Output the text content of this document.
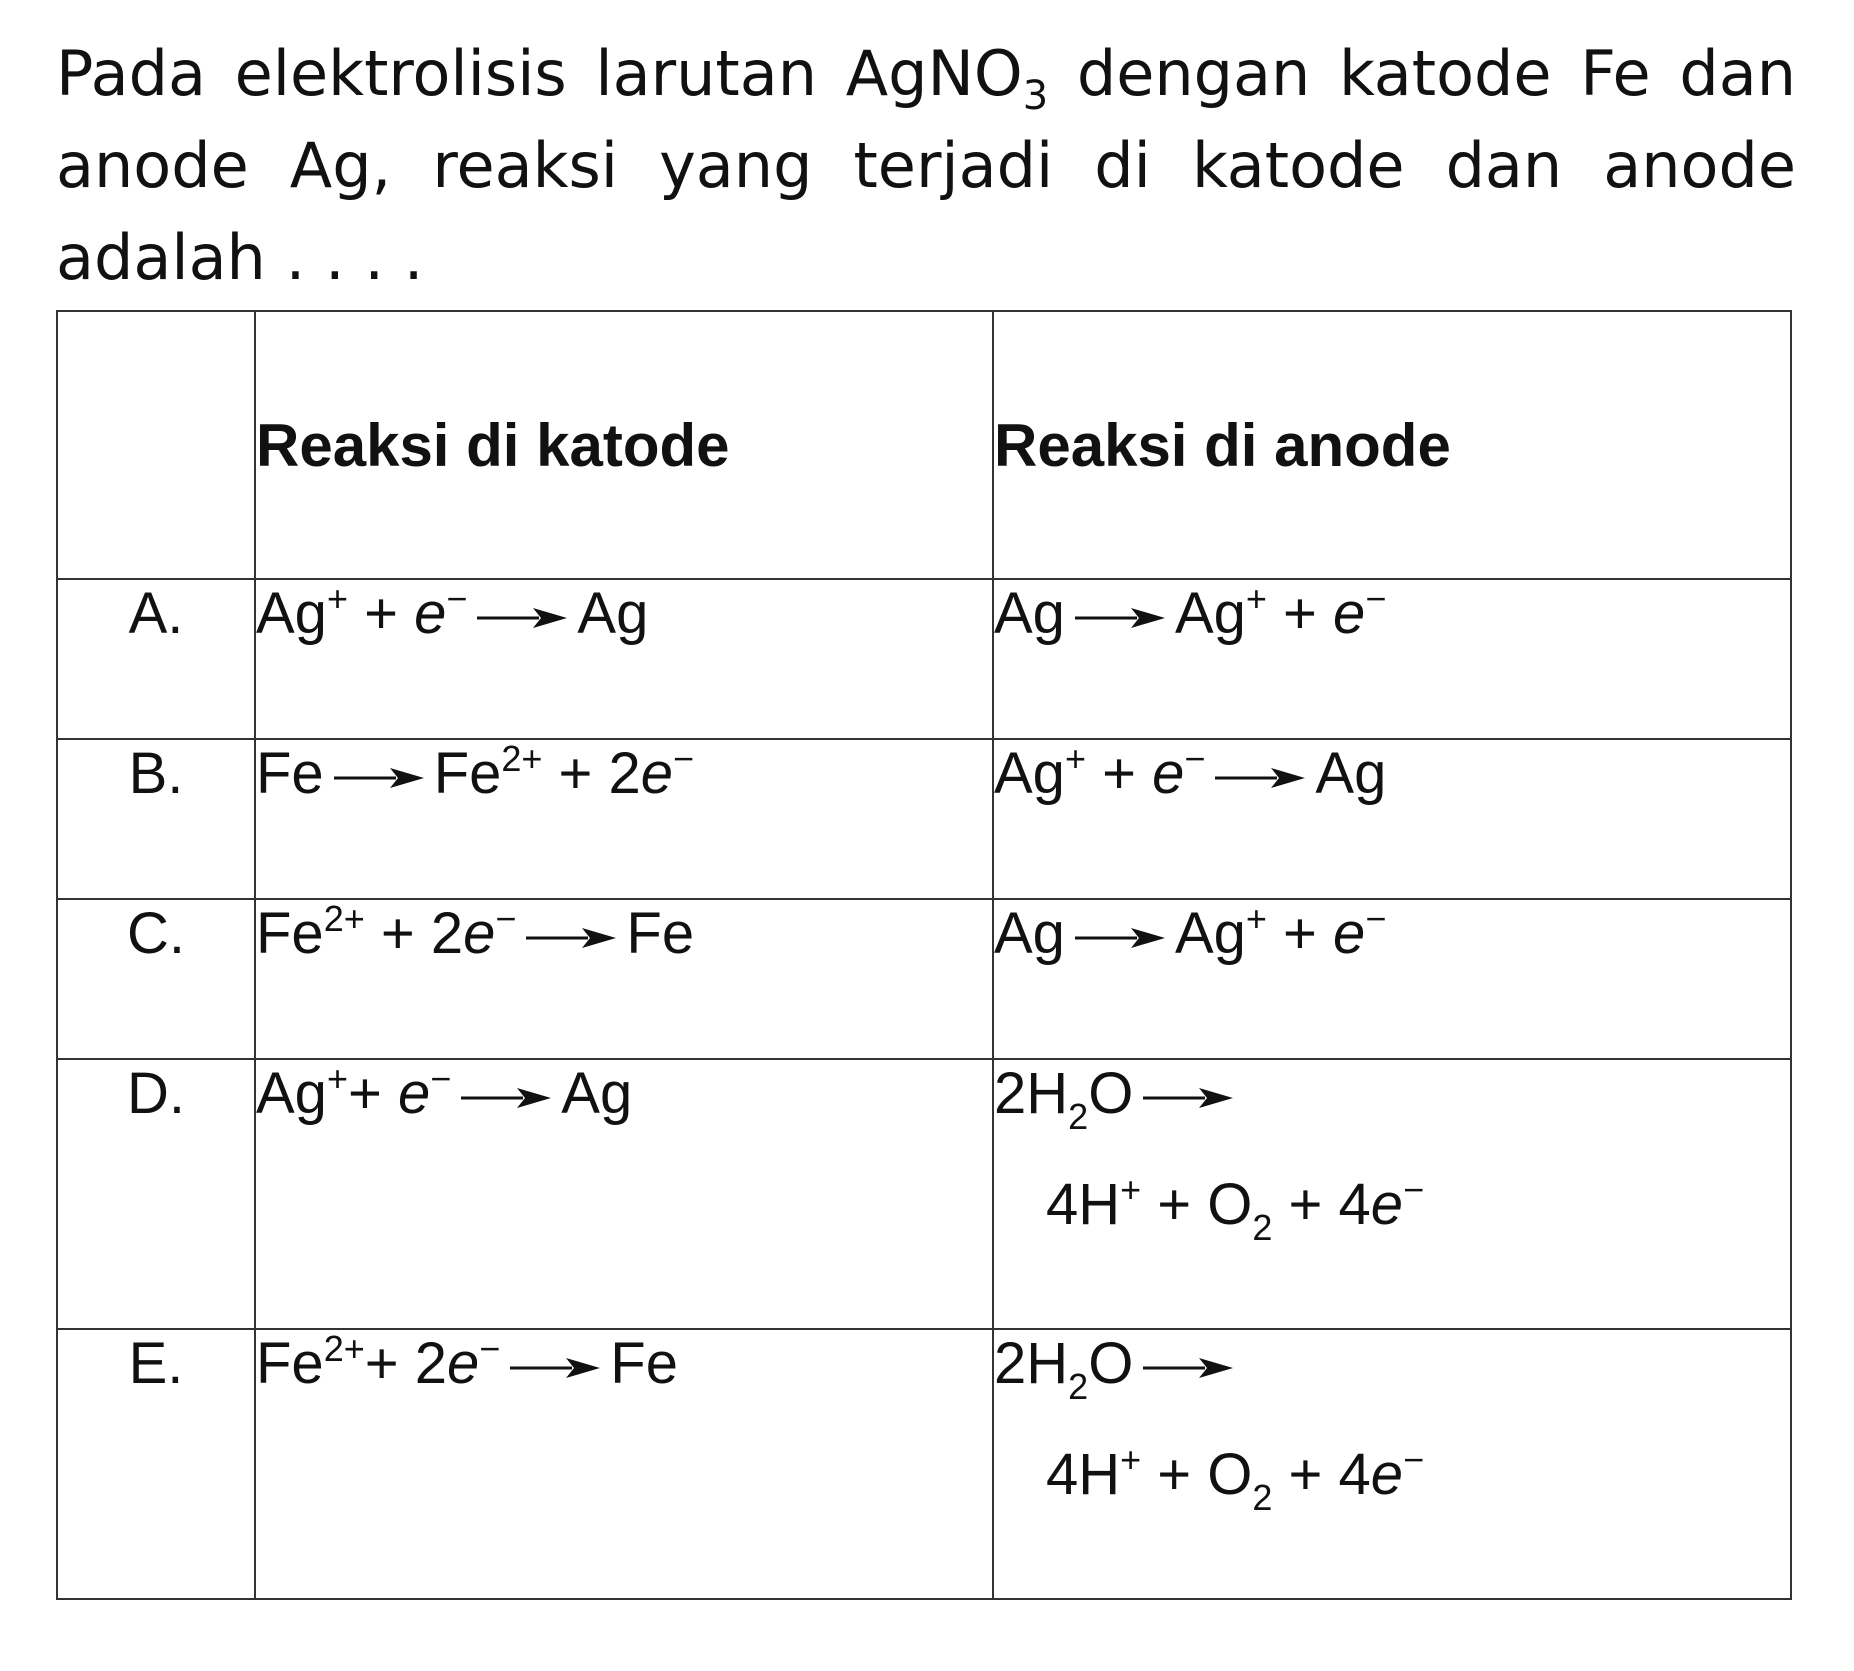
Pada elektrolisis larutan AgNO$_3$ dengan katode Fe dan anode Ag, reaksi yang terjadi di katode dan anode adalah . . . .

	Reaksi di katode	Reaksi di anode
A.	Ag+ + e− Ag	Ag Ag+ + e−
B.	Fe $Fe^{2+} + 2e^-$	Ag+ + e− Ag
C.	$Fe^{2+} + 2e^-$ Fe	Ag Ag+ + e−
D.	Ag++ e− Ag	$2H_2O$
$4H^+ + O_2 + 4e^-$

E.	$Fe^{2+}+ 2e^-$ Fe	$2H_2O$
$4H^+ + O_2 + 4e^-$
